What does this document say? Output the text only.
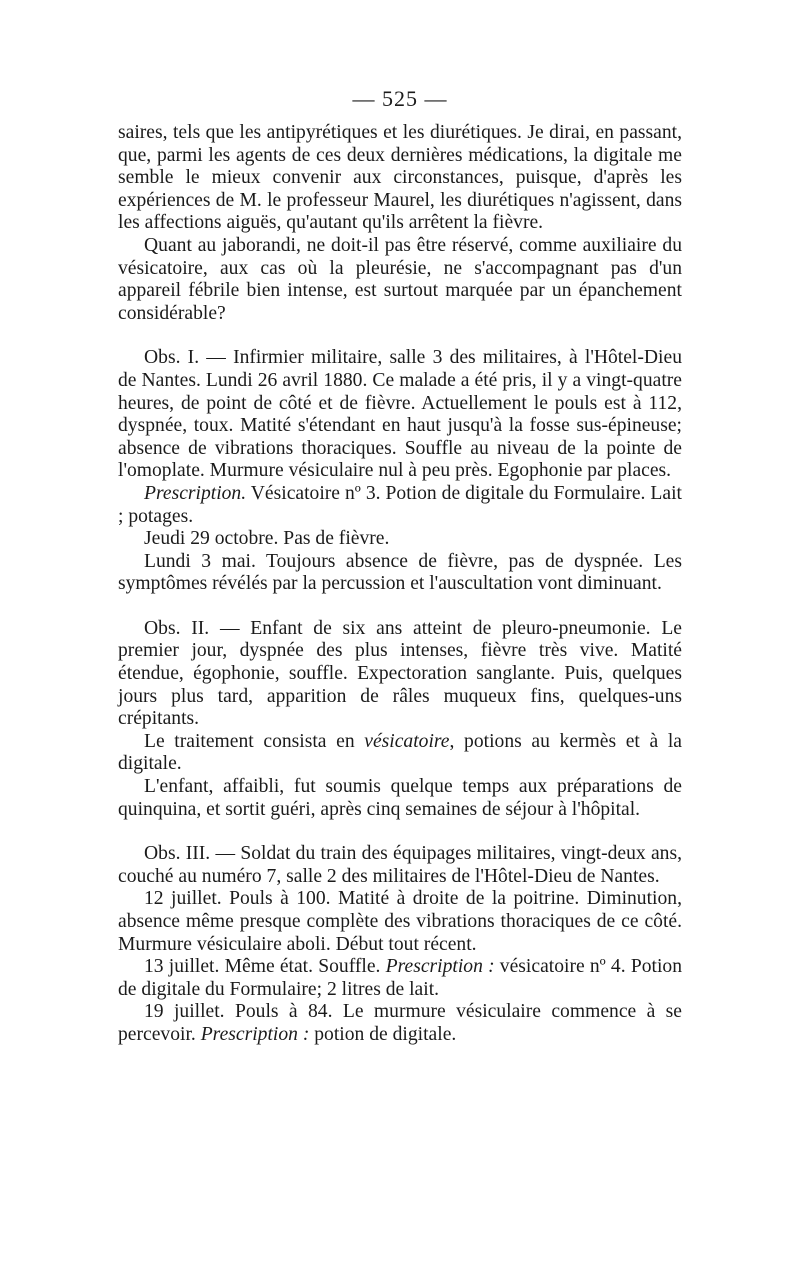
— 525 —

saires, tels que les antipyrétiques et les diurétiques. Je dirai, en passant, que, parmi les agents de ces deux dernières médications, la digitale me semble le mieux convenir aux circonstances, puisque, d'après les expériences de M. le professeur Maurel, les diurétiques n'agissent, dans les affections aiguës, qu'autant qu'ils arrêtent la fièvre.

Quant au jaborandi, ne doit-il pas être réservé, comme auxiliaire du vésicatoire, aux cas où la pleurésie, ne s'accompagnant pas d'un appareil fébrile bien intense, est surtout marquée par un épanchement considérable?

Obs. I. — Infirmier militaire, salle 3 des militaires, à l'Hôtel-Dieu de Nantes. Lundi 26 avril 1880. Ce malade a été pris, il y a vingt-quatre heures, de point de côté et de fièvre. Actuellement le pouls est à 112, dyspnée, toux. Matité s'étendant en haut jusqu'à la fosse sus-épineuse; absence de vibrations thoraciques. Souffle au niveau de la pointe de l'omoplate. Murmure vésiculaire nul à peu près. Egophonie par places.

Prescription. Vésicatoire nº 3. Potion de digitale du Formulaire. Lait ; potages.

Jeudi 29 octobre. Pas de fièvre.

Lundi 3 mai. Toujours absence de fièvre, pas de dyspnée. Les symptômes révélés par la percussion et l'auscultation vont diminuant.

Obs. II. — Enfant de six ans atteint de pleuro-pneumonie. Le premier jour, dyspnée des plus intenses, fièvre très vive. Matité étendue, égophonie, souffle. Expectoration sanglante. Puis, quelques jours plus tard, apparition de râles muqueux fins, quelques-uns crépitants.

Le traitement consista en vésicatoire, potions au kermès et à la digitale.

L'enfant, affaibli, fut soumis quelque temps aux préparations de quinquina, et sortit guéri, après cinq semaines de séjour à l'hôpital.

Obs. III. — Soldat du train des équipages militaires, vingt-deux ans, couché au numéro 7, salle 2 des militaires de l'Hôtel-Dieu de Nantes.

12 juillet. Pouls à 100. Matité à droite de la poitrine. Diminution, absence même presque complète des vibrations thoraciques de ce côté. Murmure vésiculaire aboli. Début tout récent.

13 juillet. Même état. Souffle. Prescription : vésicatoire nº 4. Potion de digitale du Formulaire; 2 litres de lait.

19 juillet. Pouls à 84. Le murmure vésiculaire commence à se percevoir. Prescription : potion de digitale.
